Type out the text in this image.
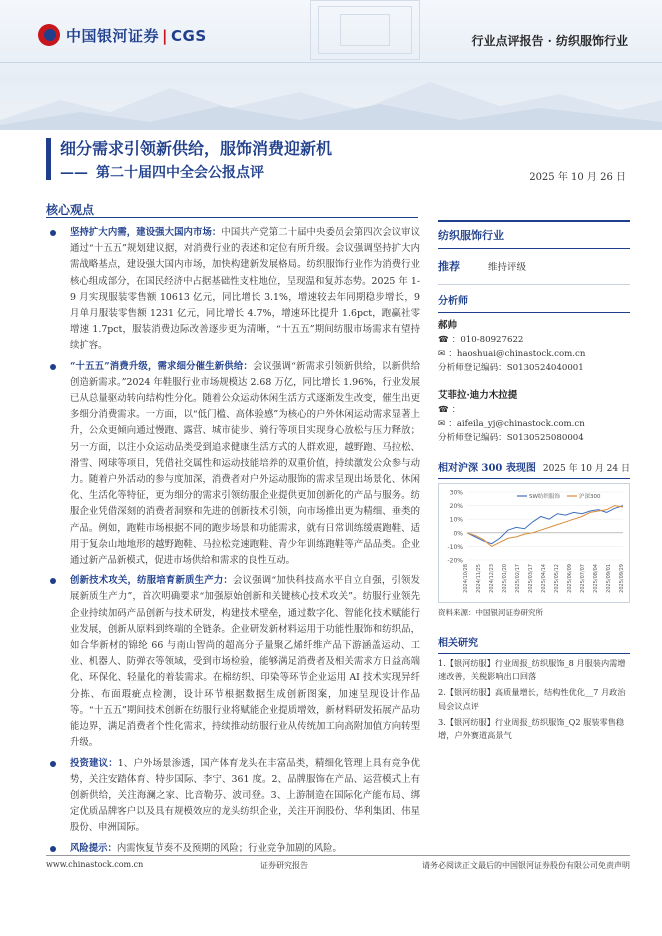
中国银河证券 | CGS	行业点评报告 · 纺织服饰行业
细分需求引领新供给，服饰消费迎新机
—— 第二十届四中全会公报点评	2025 年 10 月 26 日
核心观点

坚持扩大内需，建设强大国内市场：中国共产党第二十届中央委员会第四次会议审议通过“十五五”规划建议据，对消费行业的表述和定位有所升级。会议强调坚持扩大内需战略基点，建设强大国内市场，加快构建新发展格局。纺织服饰行业作为消费行业核心组成部分，在国民经济中占据基础性支柱地位，呈现温和复苏态势。2025 年 1-9 月实现服装零售额 10613 亿元，同比增长 3.1%，增速较去年同期稳步增长，9 月单月服装零售额 1231 亿元，同比增长 4.7%，增速环比提升 1.6pct，跑赢社零增速 1.7pct，服装消费边际改善逐步更为清晰，“十五五”期间纺服市场需求有望持续扩容。

“十五五”消费升级，需求细分催生新供给：会议强调“新需求引领新供给，以新供给创造新需求。”2024 年鞋服行业市场规模达 2.68 万亿，同比增长 1.96%，行业发展已从总量驱动转向结构性分化。随着公众运动休闲生活方式逐渐发生改变，催生出更多细分消费需求。一方面，以“低门槛、高体验感”为核心的户外休闲运动需求显著上升，公众更倾向通过慢跑、露营、城市徒步、骑行等项目实现身心放松与压力释放；另一方面，以注小众运动品类受到追求健康生活方式的人群欢迎，越野跑、马拉松、滑雪、网球等项目，凭借社交属性和运动技能培养的双重价值，持续激发公众参与动力。随着户外活动的参与度加深，消费者对户外运动服饰的需求呈现出场景化、休闲化、生活化等特征，更为细分的需求引领纺服企业提供更加创新化的产品与服务。纺服企业凭借深刻的消费者洞察和先进的创新技术引领，向市场推出更为精细、垂类的产品。例如，跑鞋市场根据不同的跑步场景和功能需求，就有日常训练缓震跑鞋、适用于复杂山地地形的越野跑鞋、马拉松竞速跑鞋、青少年训练跑鞋等产品品类。企业通过新产品新模式，促进市场供给和需求的良性互动。

创新技术攻关，纺服培育新质生产力：会议强调“加快科技高水平自立自强，引领发展新质生产力”，首次明确要求“加强原始创新和关键核心技术攻关”。纺服行业领先企业持续加码产品创新与技术研发，构建技术壁垒，通过数字化、智能化技术赋能行业发展，创新从原料到终端的全链条。企业研发新材料运用于功能性服饰和纺织品，如合华新材的锦纶 66 与南山智尚的超高分子量聚乙烯纤维产品下游涵盖运动、工业、机器人、防弹衣等领域，受到市场检验，能够满足消费者及相关需求方日益高端化、环保化、轻量化的着装需求。在棉纺织、印染等环节企业运用 AI 技术实现异纤分拣、布面瑕疵点检测，设计环节根据数据生成创新图案，加速呈现设计作品等。“十五五”期间技术创新在纺服行业将赋能企业提质增效，新材料研发拓展产品功能边界，满足消费者个性化需求，持续推动纺服行业从传统加工向高附加值方向转型升级。

投资建议：1、户外场景渗透，国产体育龙头在丰富品类，精细化管理上具有竞争优势，关注安踏体育、特步国际、李宁、361 度。2、品牌服饰在产品、运营模式上有创新供给，关注海澜之家、比音勒芬、波司登。3、上游制造在国际化产能布局、绑定优质品牌客户以及具有规模效应的龙头纺织企业，关注开润股份、华利集团、伟星股份、申洲国际。

风险提示：内需恢复节奏不及预期的风险；行业竞争加剧的风险。

纺织服饰行业
推荐	维持评级
分析师
郝帅
☎ ：010-80927622
✉ ：haoshuai@chinastock.com.cn
分析师登记编码：S0130524040001
艾菲拉·迪力木拉提
☎ ：
✉ ：aifeila_yj@chinastock.com.cn
分析师登记编码：S0130525080004
相对沪深 300 表现图 2025 年 10 月 24 日
30%
20%
10%
0%
-10%
-20%
2024/10/28 2024/11/25 2024/12/23 2025/01/20 2025/02/17 2025/03/17 2025/04/14 2025/05/12 2025/06/09 2025/07/07 2025/08/04 2025/09/01 2025/09/29
SW纺织服饰	沪深300
资料来源：中国银河证券研究所
相关研究
1.【银河纺服】行业周报_纺织服饰_8 月服装内需增速改善，关税影响出口回落
2.【银河纺服】高质量增长，结构性优化__7 月政治局会议点评
3.【银河纺服】行业周报_纺织服饰_Q2 服装零售稳增，户外赛道高景气
www.chinastock.com.cn	证券研究报告	请务必阅读正文最后的中国银河证券股份有限公司免责声明
